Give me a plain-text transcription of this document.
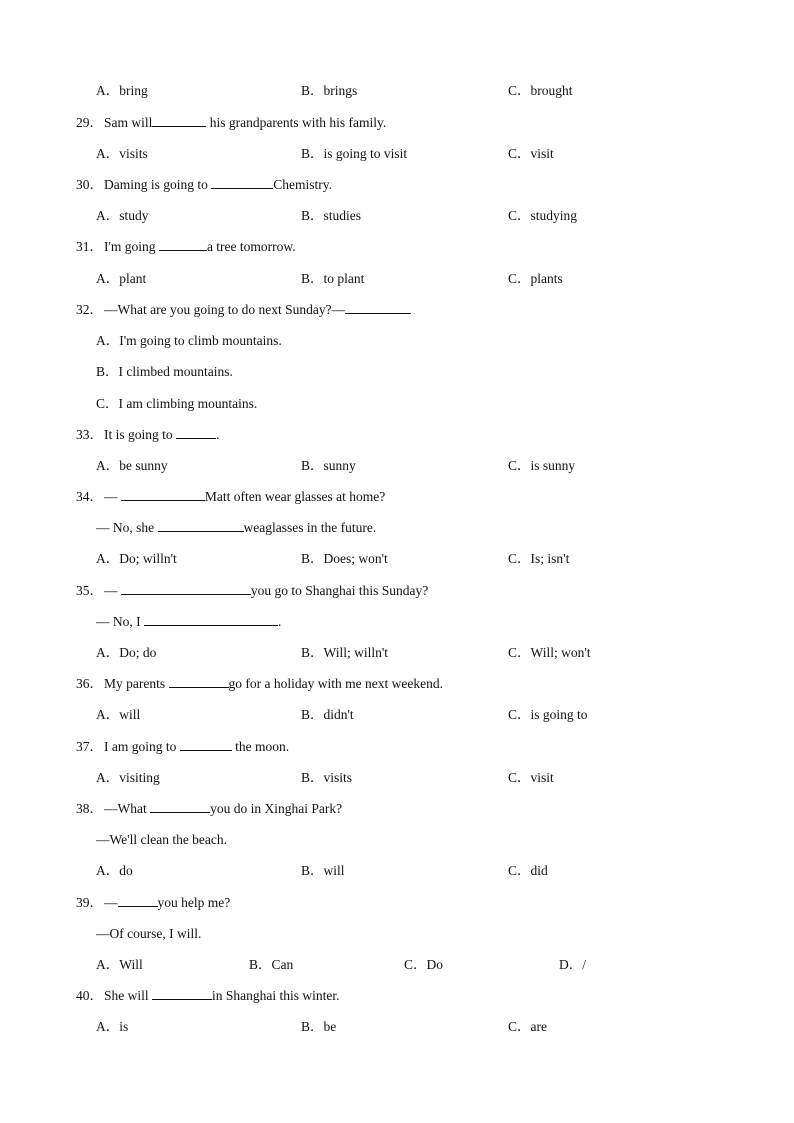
A．bring	B．brings	C．brought
29． Sam will	his grandparents with his family.
A．visits	B．is going to visit	C．visit
30． Daming is going to	Chemistry.
A．study	B．studies	C．studying
31． I'm going	a tree tomorrow.
A．plant	B．to plant	C．plants
32． —What are you going to do next Sunday?—
A．I'm going to climb mountains.
B．I climbed mountains.
C．I am climbing mountains.
33． It is going to	.
A．be sunny	B．sunny	C．is sunny
34． —	Matt often wear glasses at home?
— No, she	weaglasses in the future.
A．Do; willn't	B．Does; won't	C．Is; isn't
35． —	you go to Shanghai this Sunday?
— No, I	.
A．Do; do	B．Will; willn't	C．Will; won't
36． My parents	go for a holiday with me next weekend.
A．will	B．didn't	C．is going to
37． I am going to	the moon.
A．visiting	B．visits	C．visit
38． —What	you do in Xinghai Park?
—We'll clean the beach.
A．do	B．will	C．did
39． —	you help me?
—Of course, I will.
A．Will	B．Can	C．Do	D．/
40． She will	in Shanghai this winter.
A．is	B．be	C．are
